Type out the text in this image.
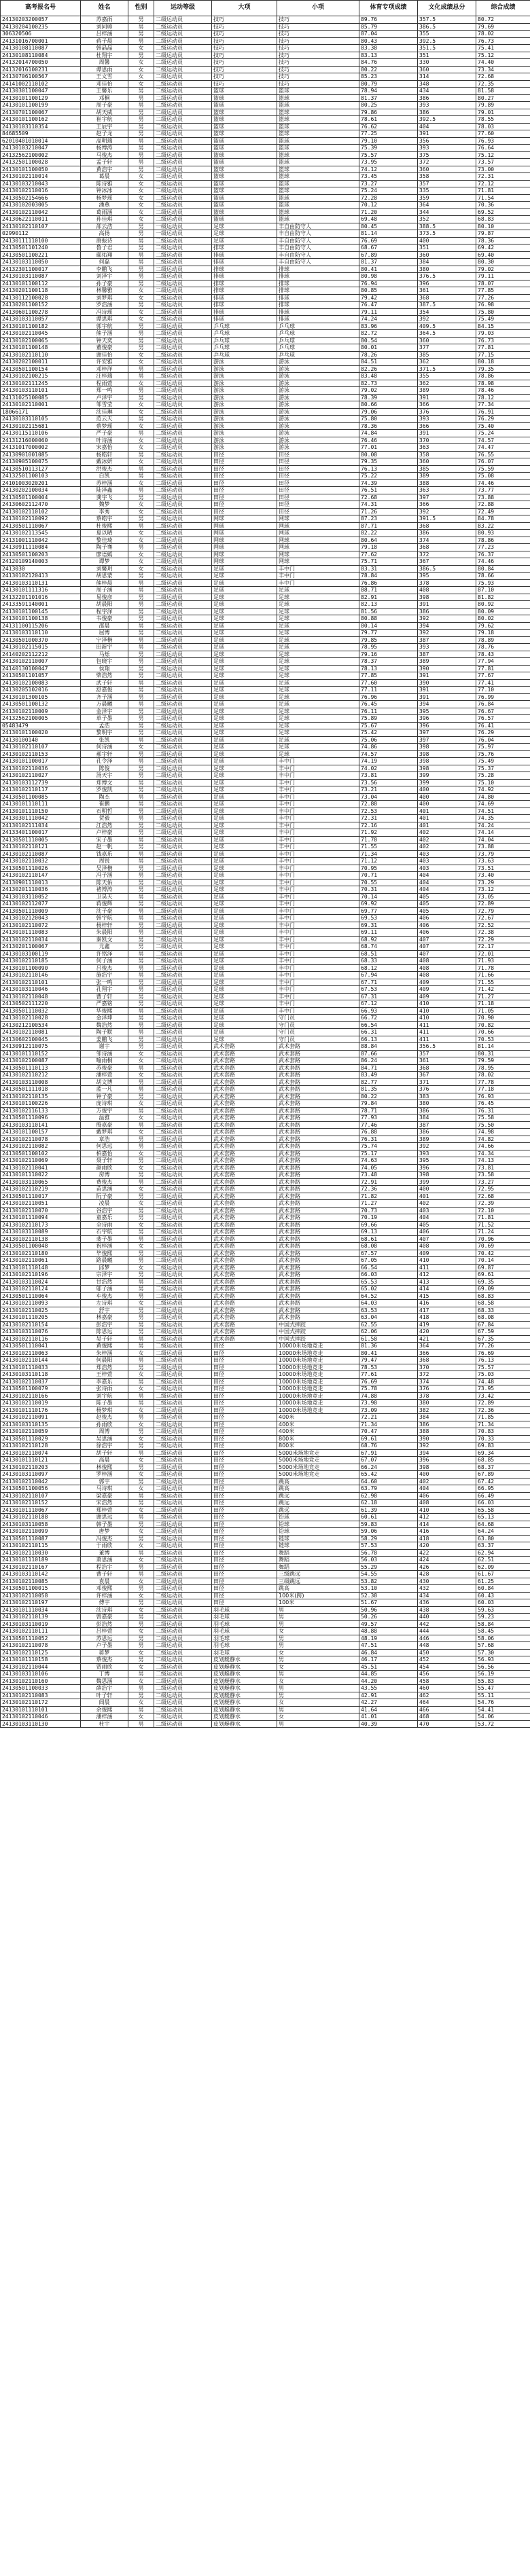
高考报名号	姓名	性别	运动等级	大项	小项	体育专项成绩	文化成绩总分	综合成绩
24130203200057	苏嘉雨	男	二级运动员	技巧	技巧	89.76	357.5	80.72
24130204100235	刘同帅	男	二级运动员	技巧	技巧	85.79	386.5	79.69
306320506	吕梓涵	男	二级运动员	技巧	技巧	87.04	355	78.02
24131016700001	蒋子晨	男	二级运动员	技巧	技巧	80.43	392.5	76.73
24130108110087	韩晶晶	女	二级运动员	技巧	技巧	83.38	351.5	75.41
24130108110084	杜翔宇	男	二级运动员	技巧	技巧	83.13	351	75.12
24132014700050	周馨	女	二级运动员	技巧	技巧	84.76	330	74.40
24132016100231	谭思雨	女	二级运动员	技巧	技巧	80.22	360	73.34
24130706100567	王文雪	女	二级运动员	技巧	技巧	85.23	314	72.68
24141002110102	邓佳怡	女	二级运动员	技巧	技巧	80.79	348	72.35
24130301100047	王馨乐	男	二级运动员	篮球	篮球	78.94	434	81.58
24130101100129	邓桐	男	二级运动员	篮球	篮球	81.37	386	80.27
24130101100199	周子豪	男	二级运动员	篮球	篮球	80.25	393	79.89
24130701100067	胡天威	男	二级运动员	篮球	篮球	79.86	386	79.01
24130101100162	崔宇航	男	二级运动员	篮球	篮球	78.61	392.5	78.55
24130103110354	王辰宇	男	二级运动员	篮球	篮球	76.62	404	78.03
84685509	赵子龙	男	二级运动员	篮球	篮球	77.25	391	77.60
62010401010014	高明瑞	男	二级运动员	篮球	篮球	79.10	356	76.93
24130103210047	杨博涛	男	二级运动员	篮球	篮球	75.39	393	76.64
24132562100002	马俊杰	男	二级运动员	篮球	篮球	75.57	375	75.12
24132501100028	孟子轩	男	二级运动员	篮球	篮球	73.95	372	73.57
24130101100050	黄浩宇	男	二级运动员	篮球	篮球	74.12	360	73.00
24130102110014	葛晨	女	二级运动员	篮球	篮球	73.45	358	72.31
24130103210043	陈诗雅	女	二级运动员	篮球	篮球	73.27	357	72.12
24130102110016	钟冰冰	女	二级运动员	篮球	篮球	75.24	335	71.81
24130502154666	杨梦瑶	女	二级运动员	篮球	篮球	72.28	359	71.54
24130102003005	潘燕	女	二级运动员	篮球	篮球	70.12	364	70.36
24130102110042	葛雨涵	女	二级运动员	篮球	篮球	71.20	344	69.52
24130622110011	孙佳琪	女	二级运动员	篮球	篮球	69.48	352	68.83
24130102110107	邵云浩	男	一级运动员	足球	丰自由防守人	80.45	388.5	80.10
02990112	高扬	男	一级运动员	足球	丰自由防守人	81.14	373.5	79.87
24130111110100	唐振诗	男	二级运动员	足球	丰自由防守人	76.69	400	78.36
24130501101240	鲁子君	男	二级运动员	排球	丰自由防守人	68.67	351	69.42
24130501100221	鄢佑翔	男	二级运动员	排球	丰自由防守人	67.89	360	69.40
24130103110050	何磊	男	二级运动员	排球	丰自由防守人	81.37	384	80.30
24132301100017	李鹏飞	男	二级运动员	排球	排球	80.41	380	79.02
24130103110087	刘泽宇	男	二级运动员	排球	排球	80.98	376.5	79.11
24130101100112	孙子豪	男	二级运动员	排球	排球	76.94	396	78.07
24130201100118	林馨雅	女	二级运动员	排球	排球	80.85	361	77.85
24130112100028	刘梦琪	女	二级运动员	排球	排球	79.42	368	77.26
24130201100152	罗浩涵	男	二级运动员	排球	排球	76.47	387.5	76.98
24130601100278	冯诗瑶	女	二级运动员	排球	排球	79.11	354	75.80
24130103110057	谭思琪	女	二级运动员	排球	排球	74.24	392	75.49
24130101100182	郭宇航	男	二级运动员	乒乓球	乒乓球	83.96	409.5	84.15
24130102110045	熊子涵	男	二级运动员	乒乓球	乒乓球	82.72	364.5	79.03
24130102100065	钟天奕	男	二级运动员	乒乓球	乒乓球	80.54	360	76.73
24130101100148	董俊豪	男	二级运动员	乒乓球	乒乓球	80.01	377	77.81
24130102110110	谢佳怡	女	二级运动员	乒乓球	乒乓球	78.26	385	77.15
24130202100011	许安雅	女	二级运动员	游泳	游泳	84.51	362	80.18
24130501100154	邓梓洋	男	二级运动员	游泳	游泳	82.26	371.5	79.35
24130102100215	汪梓瑞	男	二级运动员	游泳	游泳	83.48	355	78.86
24130102111245	程雨萱	女	二级运动员	游泳	游泳	82.73	362	78.98
24130103110101	郑一鸣	男	二级运动员	游泳	游泳	79.02	389	78.46
24131025100085	卢泽宇	男	二级运动员	游泳	游泳	78.39	391	78.12
24130102110001	邹雪莹	女	二级运动员	游泳	游泳	80.66	366	77.34
18066171	沈佳琳	女	二级运动员	游泳	游泳	79.06	376	76.91
24130103110105	范云天	男	二级运动员	游泳	游泳	75.80	393	76.29
24130102115681	蔡梦瑶	女	二级运动员	游泳	游泳	78.36	366	75.40
24130115110106	严子豪	男	二级运动员	游泳	游泳	74.84	391	75.24
24131216000060	叶诗涵	女	二级运动员	游泳	游泳	76.46	370	74.57
24131017000002	宋嘉怡	女	二级运动员	游泳	游泳	77.01	363	74.47
24130901001085	杨皓轩	男	二级运动员	田径	田径	80.08	358	76.55
24130905100075	戴冰妍	女	二级运动员	田径	田径	79.35	360	76.07
24130510113127	洪俊杰	男	二级运动员	田径	田径	76.13	385	75.59
24132501100103	白凯	男	二级运动员	田径	田径	75.22	389	75.08
24101003020201	苏梓涵	女	二级运动员	田径	田径	74.39	388	74.46
24130202100034	陆泽鑫	男	二级运动员	田径	田径	76.51	363	73.77
24130501100004	龚宇飞	男	二级运动员	田径	田径	72.68	397	73.88
24130602112470	魏梦	女	二级运动员	田径	田径	74.31	366	72.88
24130102110102	李秀	女	二级运动员	田径	田径	71.26	392	72.49
24130102110092	蔡皓宇	男	二级运动员	网球	网球	87.23	391.5	84.78
24130501110067	杜俊熙	男	二级运动员	网球	网球	87.71	368	83.22
24130102113545	夏以晴	女	二级运动员	网球	网球	82.22	386	80.93
24131001110042	黎佳琦	女	二级运动员	网球	网球	80.64	374	78.86
24130911110084	陶子骞	男	二级运动员	网球	网球	79.18	368	77.23
24130501100203	廖语嫣	女	二级运动员	网球	网球	77.62	372	76.37
24120109140003	谭梦	女	二级运动员	网球	网球	75.71	367	74.46
2413030	刘馨玥	女	二级运动员	足球	丰中门	83.31	386.5	80.84
24130102120413	胡思蒙	男	二级运动员	足球	丰中门	78.84	395	78.66
24130103110131	熊梓晨	男	二级运动员	足球	丰中门	76.86	378	75.93
24130101111316	周子涵	男	二级运动员	足球	足球	88.71	408	87.10
24132201101016	易俊彦	男	二级运动员	足球	足球	82.91	398	81.82
24133591140001	胡晨阳	男	二级运动员	足球	足球	82.13	391	80.92
24130101100145	程宇泽	男	二级运动员	足球	足球	81.56	386	80.09
24130101100138	韦俊豪	男	二级运动员	足球	足球	80.88	392	80.02
24131100115206	邵晨	男	二级运动员	足球	足球	80.14	394	79.62
24130103110110	屈博	男	二级运动员	足球	足球	79.77	392	79.18
24130501000370	宁泽楷	男	二级运动员	足球	足球	79.85	387	78.89
24130102115015	田新宇	男	二级运动员	足球	足球	78.95	393	78.76
24140202112212	马烁	男	二级运动员	足球	足球	79.16	387	78.43
24130102110007	包晓宇	男	二级运动员	足球	足球	78.37	389	77.94
24140130100047	侯翔	男	二级运动员	足球	足球	78.13	390	77.81
24130501101057	柴浩然	男	二级运动员	足球	足球	77.85	391	77.67
24130102100083	武子轩	男	二级运动员	足球	足球	77.60	390	77.41
24130205102016	舒嘉俊	男	二级运动员	足球	足球	77.11	391	77.10
24130101300105	齐子涵	男	二级运动员	足球	足球	76.96	391	76.99
24130501100132	万晨曦	男	二级运动员	足球	足球	76.45	394	76.84
24130102110009	金泽宇	男	二级运动员	足球	足球	76.11	395	76.67
24132562100005	单子墨	男	二级运动员	足球	足球	75.89	396	76.57
05483479	孟浩	男	二级运动员	足球	足球	75.67	396	76.41
24130101100020	黎明宇	男	二级运动员	足球	足球	75.42	397	76.29
24130100140	张凯	男	二级运动员	足球	足球	75.06	397	76.04
24130102110107	何诗涵	女	二级运动员	足球	足球	74.86	398	75.97
24130102110153	郝宇轩	男	二级运动员	足球	足球	74.57	398	75.76
24130101100017	孔令泽	男	二级运动员	足球	丰中门	74.19	398	75.49
24130102110036	陈俊	男	二级运动员	足球	丰中门	74.02	398	75.37
24130102110027	汤天宇	男	二级运动员	足球	丰中门	73.81	399	75.28
24130103112739	郑博文	男	二级运动员	足球	丰中门	73.56	399	75.10
24130102110117	罗俊凯	男	二级运动员	足球	丰中门	73.21	400	74.92
24130501100085	陶杰	男	二级运动员	足球	丰中门	73.04	400	74.80
24130101110111	崔鹏	男	二级运动员	足球	丰中门	72.88	400	74.69
24130101110150	石明哲	男	二级运动员	足球	丰中门	72.53	401	74.51
24130301110042	贺毅	男	二级运动员	足球	丰中门	72.31	401	74.35
24130102111034	江浩然	男	二级运动员	足球	丰中门	72.16	401	74.24
24133401100017	卢梓豪	男	二级运动员	足球	丰中门	71.92	402	74.14
24130501110005	宋子墨	男	二级运动员	足球	丰中门	71.78	402	74.04
24130102110121	赵一帆	男	二级运动员	足球	丰中门	71.55	402	73.88
24130102110087	钱嘉乐	男	二级运动员	足球	丰中门	71.34	403	73.79
24130102110032	周锐	男	二级运动员	足球	丰中门	71.12	403	73.63
24130501110026	吴泽楷	男	二级运动员	足球	丰中门	70.95	403	73.51
24130102110147	冯子涵	男	二级运动员	足球	丰中门	70.71	404	73.40
24130901110013	陈天佑	男	二级运动员	足球	丰中门	70.55	404	73.29
24130201110036	褚博涛	男	二级运动员	足球	丰中门	70.31	404	73.12
24130103110052	卫昊天	男	二级运动员	足球	丰中门	70.14	405	73.05
24130102112077	蒋俊辉	男	二级运动员	足球	丰中门	69.92	405	72.89
24130501110009	沈子豪	男	二级运动员	足球	丰中门	69.77	405	72.79
24130102120043	韩宇航	男	二级运动员	足球	丰中门	69.53	406	72.67
24130102110072	杨梓轩	男	二级运动员	足球	丰中门	69.31	406	72.52
24130101110083	朱晨阳	男	二级运动员	足球	丰中门	69.11	406	72.38
24130102110034	秦凯文	男	二级运动员	足球	丰中门	68.92	407	72.29
24130201100067	尤鑫	男	二级运动员	足球	丰中门	68.74	407	72.17
24130103100119	许铭泽	男	二级运动员	足球	丰中门	68.51	407	72.01
24130102110185	何子涵	男	二级运动员	足球	丰中门	68.33	408	71.93
24130101100090	吕俊杰	男	二级运动员	足球	丰中门	68.12	408	71.78
24130102110146	施浩宇	男	二级运动员	足球	丰中门	67.94	408	71.66
24130102110101	张一鸣	男	二级运动员	足球	丰中门	67.71	409	71.55
24130103110046	孔翔宇	男	二级运动员	足球	丰中门	67.53	409	71.42
24130102110048	曹子轩	男	二级运动员	足球	丰中门	67.31	409	71.27
24130502111220	严嘉铭	男	二级运动员	足球	丰中门	67.12	410	71.18
24130501110032	华俊熙	男	二级运动员	足球	丰中门	66.93	410	71.05
24130102110028	金泽坤	男	二级运动员	足球	守门员	66.72	410	70.90
24130212100534	魏浩然	男	二级运动员	足球	守门员	66.54	411	70.82
24130102110081	陶子默	男	二级运动员	足球	守门员	66.31	411	70.66
24130602100045	姜鹏飞	男	二级运动员	足球	守门员	66.13	411	70.53
24130912110075	谢宇	男	二级运动员	武术套路	武术套路	88.84	356.5	81.14
24130101110152	邹诗涵	女	二级运动员	武术套路	武术套路	87.66	357	80.31
24130102100087	喻雨桐	女	二级运动员	武术套路	武术套路	86.24	361	79.59
24130501110113	苏俊豪	男	二级运动员	武术套路	武术套路	84.71	368	78.95
24130102110212	潘梓萱	女	二级运动员	武术套路	武术套路	83.49	367	78.02
24130103110008	胡文博	男	二级运动员	武术套路	武术套路	82.77	371	77.78
24130501111018	蓝一凡	男	二级运动员	武术套路	武术套路	81.35	376	77.18
24130102110135	钟子豪	男	二级运动员	武术套路	武术套路	80.22	383	76.93
24130101100226	庞诗琪	女	二级运动员	武术套路	武术套路	79.84	380	76.45
24130102116133	万俊宇	男	二级运动员	武术套路	武术套路	78.71	386	76.31
24130501110096	温雅	女	二级运动员	武术套路	武术套路	77.93	384	75.58
24130103110141	殷嘉豪	男	二级运动员	武术套路	武术套路	77.46	387	75.50
24130101100157	戴梦琪	女	二级运动员	武术套路	武术套路	76.88	386	74.98
24130102110078	章浩	男	二级运动员	武术套路	武术套路	76.31	389	74.82
24130102110082	何思远	男	二级运动员	武术套路	武术套路	75.74	392	74.66
24130501100102	柏嘉怡	女	二级运动员	武术套路	武术套路	75.17	393	74.34
24130102110069	聂子轩	男	二级运动员	武术套路	武术套路	74.63	395	74.13
24130102110041	颜雨欣	女	二级运动员	武术套路	武术套路	74.05	396	73.81
24130101110022	房博	男	二级运动员	武术套路	武术套路	73.48	398	73.58
24130103110065	费俊杰	男	二级运动员	武术套路	武术套路	72.91	399	73.27
24130102110219	苗思涵	女	二级运动员	武术套路	武术套路	72.36	400	72.95
24130501110017	阮子豪	男	二级运动员	武术套路	武术套路	71.82	401	72.68
24130102110051	凌晨	女	二级运动员	武术套路	武术套路	71.27	402	72.39
24130102110070	谷浩宇	男	二级运动员	武术套路	武术套路	70.73	403	72.10
24130101110094	童嘉乐	男	二级运动员	武术套路	武术套路	70.19	404	71.81
24130102110173	全诗雨	女	二级运动员	武术套路	武术套路	69.66	405	71.52
24130103110089	石宇航	男	二级运动员	武术套路	武术套路	69.13	406	71.24
24130102110138	裴子墨	男	二级运动员	武术套路	武术套路	68.61	407	70.96
24130501100048	祝梓涵	女	二级运动员	武术套路	武术套路	68.08	408	70.69
24130102110180	毕俊熙	男	二级运动员	武术套路	武术套路	67.57	409	70.42
24130102110061	路晨曦	男	二级运动员	武术套路	武术套路	67.05	410	70.14
24130101110148	邱梦	女	二级运动员	武术套路	武术套路	66.54	411	69.87
24130102110196	宗泽宇	男	二级运动员	武术套路	武术套路	66.03	412	69.61
24130103110024	甘浩然	男	二级运动员	武术套路	武术套路	65.53	413	69.35
24130102110124	邬子涵	男	二级运动员	武术套路	武术套路	65.02	414	69.09
24130501110064	车俊杰	男	二级运动员	武术套路	武术套路	64.52	415	68.83
24130102110093	左诗琪	女	二级运动员	武术套路	武术套路	64.03	416	68.58
24130102110025	舒宇	男	二级运动员	武术套路	武术套路	63.53	417	68.33
24130101110205	林嘉豪	男	二级运动员	武术套路	武术套路	63.04	418	68.08
24130102110154	彭浩宇	男	二级运动员	武术套路	中国式摔跤	62.55	419	67.84
24130103110076	陈思远	男	二级运动员	武术套路	中国式摔跤	62.06	420	67.59
24130102110116	吴子轩	男	二级运动员	武术套路	中国式摔跤	61.58	421	67.35
24130501110041	黄俊熙	男	二级运动员	田径	10000米场地竞走	81.36	364	77.26
24130102110063	朱梓涵	女	二级运动员	田径	10000米场地竞走	80.41	366	76.69
24130102110144	何晨阳	男	二级运动员	田径	10000米场地竞走	79.47	368	76.13
24130101110033	郑浩然	男	二级运动员	田径	10000米场地竞走	78.53	370	75.57
24130103110118	王梓萱	女	二级运动员	田径	10000米场地竞走	77.61	372	75.03
24130102110037	李嘉乐	男	二级运动员	田径	10000米场地竞走	76.69	374	74.48
24130501100079	张诗雨	女	二级运动员	田径	10000米场地竞走	75.78	376	73.95
24130102110166	刘宇航	男	二级运动员	田径	10000米场地竞走	74.88	378	73.42
24130102110019	陈子墨	男	二级运动员	田径	10000米场地竞走	73.98	380	72.89
24130101110176	杨梦琪	女	二级运动员	田径	10000米场地竞走	73.09	382	72.36
24130102110091	赵俊杰	男	二级运动员	田径	400米	72.21	384	71.85
24130103110135	孙雨欣	女	二级运动员	田径	400米	71.34	386	71.34
24130102110059	周博	男	二级运动员	田径	400米	70.47	388	70.83
24130501110029	吴思涵	女	二级运动员	田径	800米	69.61	390	70.33
24130102110128	徐浩宇	男	二级运动员	田径	800米	68.76	392	69.83
24130102110074	胡子轩	男	二级运动员	田径	5000米场地竞走	67.91	394	69.34
24130101110121	高晨	女	二级运动员	田径	5000米场地竞走	67.07	396	68.85
24130102110203	林俊熙	男	二级运动员	田径	5000米场地竞走	66.24	398	68.37
24130103110097	罗梓涵	女	二级运动员	田径	5000米场地竞走	65.42	400	67.89
24130102110042	郭宇	男	二级运动员	田径	跳高	64.60	402	67.42
24130501100056	马诗琪	女	二级运动员	田径	跳高	63.79	404	66.95
24130102110107	梁嘉豪	男	二级运动员	田径	跳远	62.98	406	66.49
24130102110152	宋浩然	男	二级运动员	田径	跳远	62.18	408	66.03
24130101110067	郑梓萱	女	二级运动员	田径	跳远	61.39	410	65.58
24130102110188	谢思远	男	二级运动员	田径	铅球	60.61	412	65.13
24130103110058	韩子墨	男	二级运动员	田径	铅球	59.83	414	64.68
24130102110099	唐梦	女	二级运动员	田径	铅球	59.06	416	64.24
24130501110087	冯俊杰	男	二级运动员	田径	链球	58.29	418	63.80
24130102110115	于雨欣	女	二级运动员	田径	链球	57.53	420	63.37
24130102110030	董博	男	二级运动员	田径	舞蹈	56.78	422	62.94
24130101110189	萧思涵	女	二级运动员	田径	舞蹈	56.03	424	62.51
24130102110167	程浩宇	男	二级运动员	田径	舞蹈	55.29	426	62.09
24130103110142	曹子轩	男	二级运动员	田径	三级跳远	54.55	428	61.67
24130102110085	袁晨	女	二级运动员	田径	三级跳远	53.82	430	61.25
24130501100015	邓俊熙	男	二级运动员	田径	跳高	53.10	432	60.84
24130102110058	许梓涵	女	二级运动员	田径	100米(跨)	52.38	434	60.43
24130102110197	傅宇	男	二级运动员	田径	100米	51.67	436	60.03
24130101110034	沈诗琪	女	二级运动员	羽毛球	男	50.96	438	59.63
24130102110139	曾嘉豪	男	二级运动员	羽毛球	男	50.26	440	59.23
24130103110019	彭浩然	男	二级运动员	羽毛球	男	49.57	442	58.84
24130102110111	吕梓萱	女	二级运动员	羽毛球	女	48.88	444	58.45
24130501110052	苏思远	男	二级运动员	羽毛球	男	48.19	446	58.06
24130102110078	卢子墨	男	二级运动员	羽毛球	男	47.51	448	57.68
24130102110125	蒋梦	女	二级运动员	羽毛球	女	46.84	450	57.30
24130101110158	蔡俊杰	男	二级运动员	皮划艇静水	男	46.17	452	56.93
24130102110044	贾雨欣	女	二级运动员	皮划艇静水	女	45.51	454	56.56
24130103110106	丁博	男	二级运动员	皮划艇静水	男	44.85	456	56.19
24130102110160	魏思涵	女	二级运动员	皮划艇静水	女	44.20	458	55.83
24130501100033	薛浩宇	男	二级运动员	皮划艇静水	男	43.55	460	55.47
24130102110083	叶子轩	男	二级运动员	皮划艇静水	男	42.91	462	55.11
24130102110172	阎晨	女	二级运动员	皮划艇静水	女	42.27	464	54.76
24130101110101	余俊熙	男	二级运动员	皮划艇静水	男	41.64	466	54.41
24130102110046	潘梓涵	女	二级运动员	皮划艇静水	女	41.01	468	54.06
24130103110130	杜宇	男	二级运动员	皮划艇静水	男	40.39	470	53.72
